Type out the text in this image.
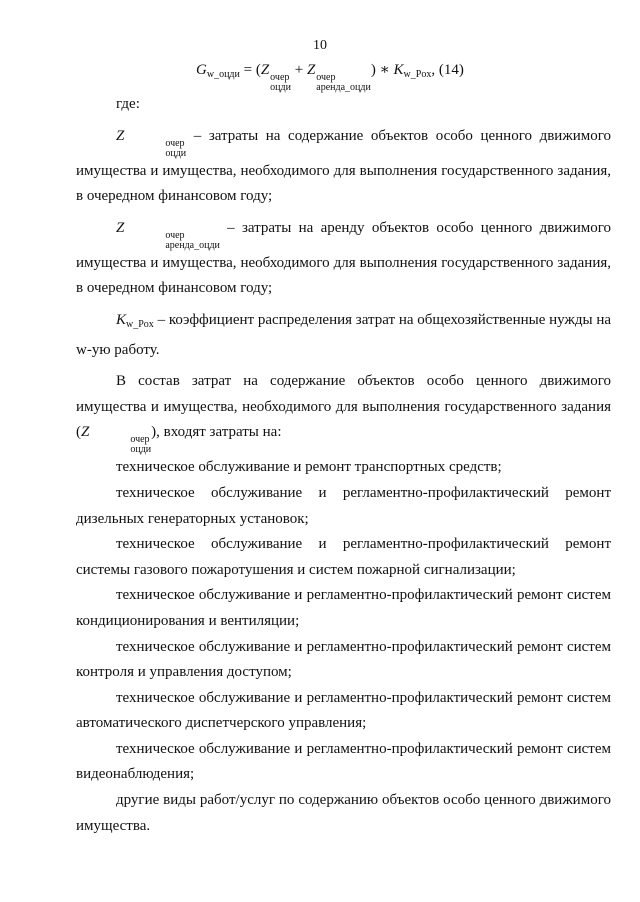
10
$G_{w\_оцди} = (Z$ очер
оцди
+ Z очер
аренда_оцди
) ∗ $K_{w\_Pox}$, (14)

где:

Z	очер
оцди
– затраты на содержание объектов особо ценного движимого имущества и имущества, необходимого для выполнения государственного задания, в очередном финансовом году;

Z	очер
аренда_оцди
– затраты на аренду объектов особо ценного движимого имущества и имущества, необходимого для выполнения государственного задания, в очередном финансовом году;

$K_{w\_Pox}$ – коэффициент распределения затрат на общехозяйственные нужды на w-ую работу.

В состав затрат на содержание объектов особо ценного движимого имущества и имущества, необходимого для выполнения государственного задания (Z	очер
оцди
), входят затраты на:

техническое обслуживание и ремонт транспортных средств;

техническое обслуживание и регламентно-профилактический ремонт дизельных генераторных установок;

техническое обслуживание и регламентно-профилактический ремонт системы газового пожаротушения и систем пожарной сигнализации;

техническое обслуживание и регламентно-профилактический ремонт систем кондиционирования и вентиляции;

техническое обслуживание и регламентно-профилактический ремонт систем контроля и управления доступом;

техническое обслуживание и регламентно-профилактический ремонт систем автоматического диспетчерского управления;

техническое обслуживание и регламентно-профилактический ремонт систем видеонаблюдения;

другие виды работ/услуг по содержанию объектов особо ценного движимого имущества.
